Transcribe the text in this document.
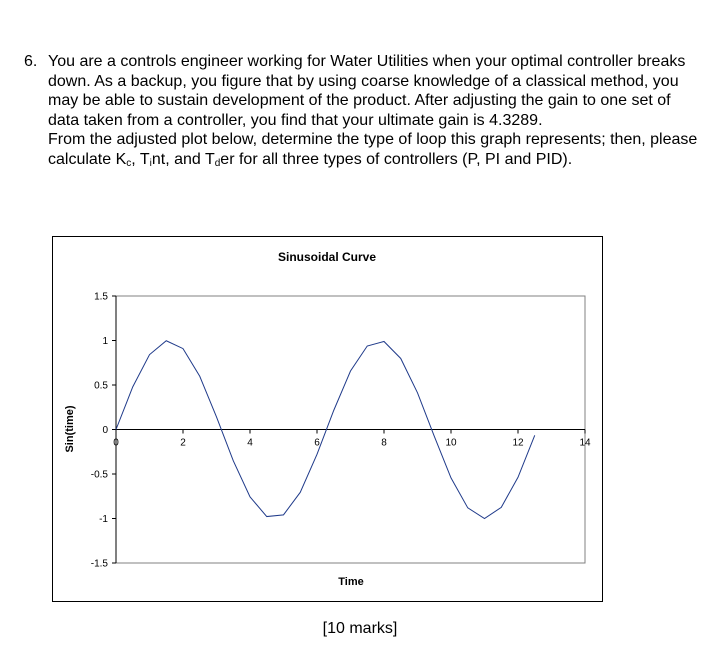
6. You are a controls engineer working for Water Utilities when your optimal controller breaks down. As a backup, you figure that by using coarse knowledge of a classical method, you may be able to sustain development of the product. After adjusting the gain to one set of data taken from a controller, you find that your ultimate gain is 4.3289.

From the adjusted plot below, determine the type of loop this graph represents; then, please calculate $K_c$, $T_int$, and $T_der$ for all three types of controllers (P, PI and PID).

Sinusoidal Curve
1.5
1
0.5
0
-0.5
-1
-1.5
0	2	4	6	8	10	12	14
Time
Sin(time)
[10 marks]
